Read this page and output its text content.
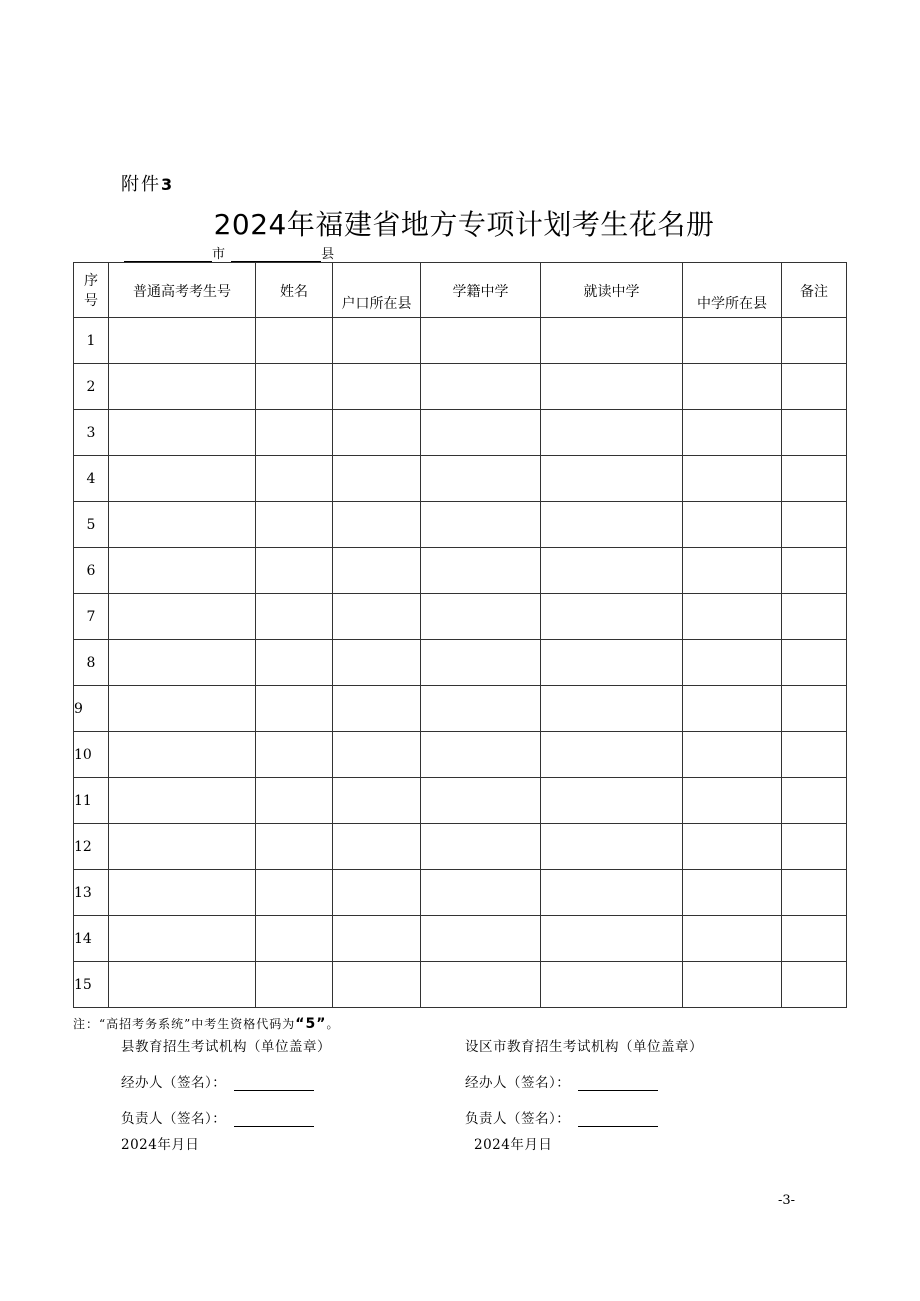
附件3
2024年福建省地方专项计划考生花名册
市	县
序号	普通高考考生号	姓名	户口所在县	学籍中学	就读中学	中学所在县	备注
1							
2							
3							
4							
5							
6							
7							
8							
9							
10							
11							
12							
13							
14							
15							
注：“高招考务系统”中考生资格代码为“5”。
县教育招生考试机构（单位盖章）
经办人（签名）：
负责人（签名）：
2024年月日
设区市教育招生考试机构（单位盖章）
经办人（签名）：
负责人（签名）：
2024年月日
-3-
